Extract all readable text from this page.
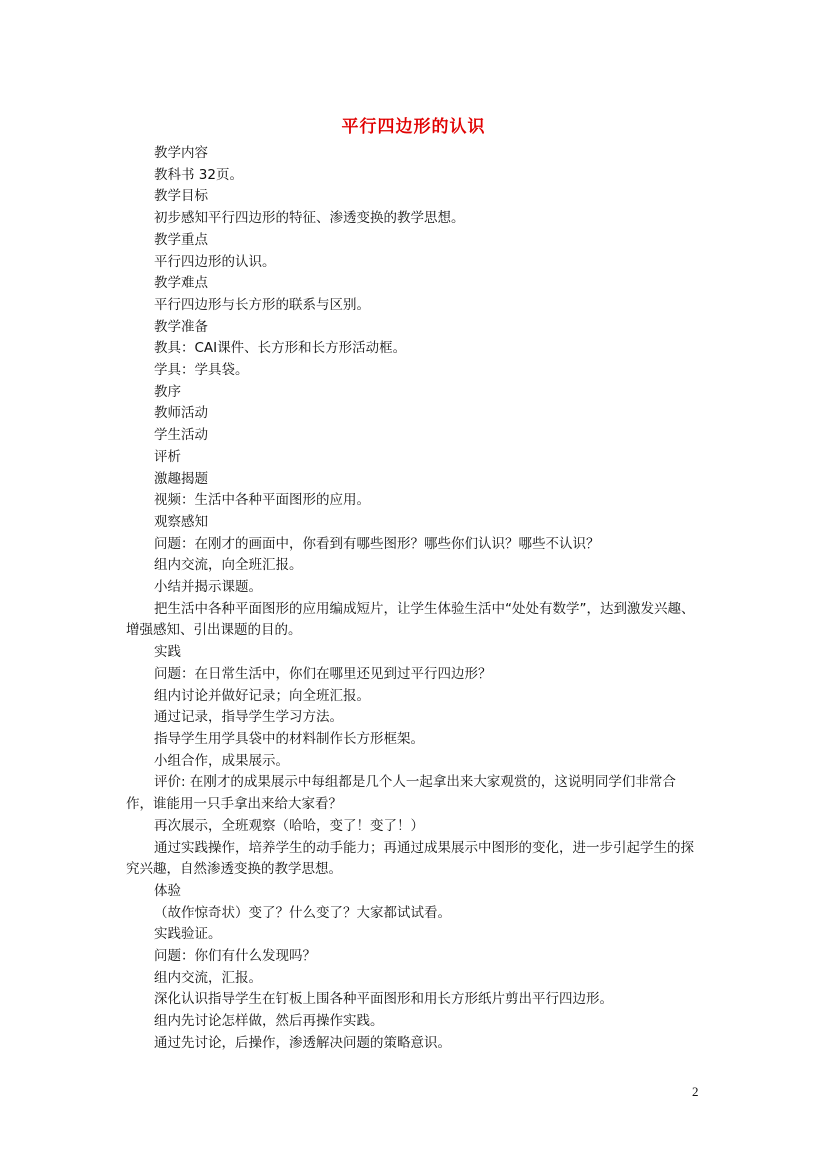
平行四边形的认识

教学内容

教科书 32页。

教学目标

初步感知平行四边形的特征、渗透变换的教学思想。

教学重点

平行四边形的认识。

教学难点

平行四边形与长方形的联系与区别。

教学准备

教具：CAI课件、长方形和长方形活动框。

学具：学具袋。

教序

教师活动

学生活动

评析

激趣揭题

视频：生活中各种平面图形的应用。

观察感知

问题：在刚才的画面中，你看到有哪些图形？哪些你们认识？哪些不认识？

组内交流，向全班汇报。

小结并揭示课题。

把生活中各种平面图形的应用编成短片，让学生体验生活中“处处有数学”，达到激发兴趣、增强感知、引出课题的目的。

实践

问题：在日常生活中，你们在哪里还见到过平行四边形？

组内讨论并做好记录；向全班汇报。

通过记录，指导学生学习方法。

指导学生用学具袋中的材料制作长方形框架。

小组合作，成果展示。

评价: 在刚才的成果展示中每组都是几个人一起拿出来大家观赏的，这说明同学们非常合作，谁能用一只手拿出来给大家看？

再次展示，全班观察（哈哈，变了！变了！）

通过实践操作，培养学生的动手能力；再通过成果展示中图形的变化，进一步引起学生的探究兴趣，自然渗透变换的教学思想。

体验

（故作惊奇状）变了？什么变了？大家都试试看。

实践验证。

问题：你们有什么发现吗？

组内交流，汇报。

深化认识指导学生在钉板上围各种平面图形和用长方形纸片剪出平行四边形。

组内先讨论怎样做，然后再操作实践。

通过先讨论，后操作，渗透解决问题的策略意识。

2
